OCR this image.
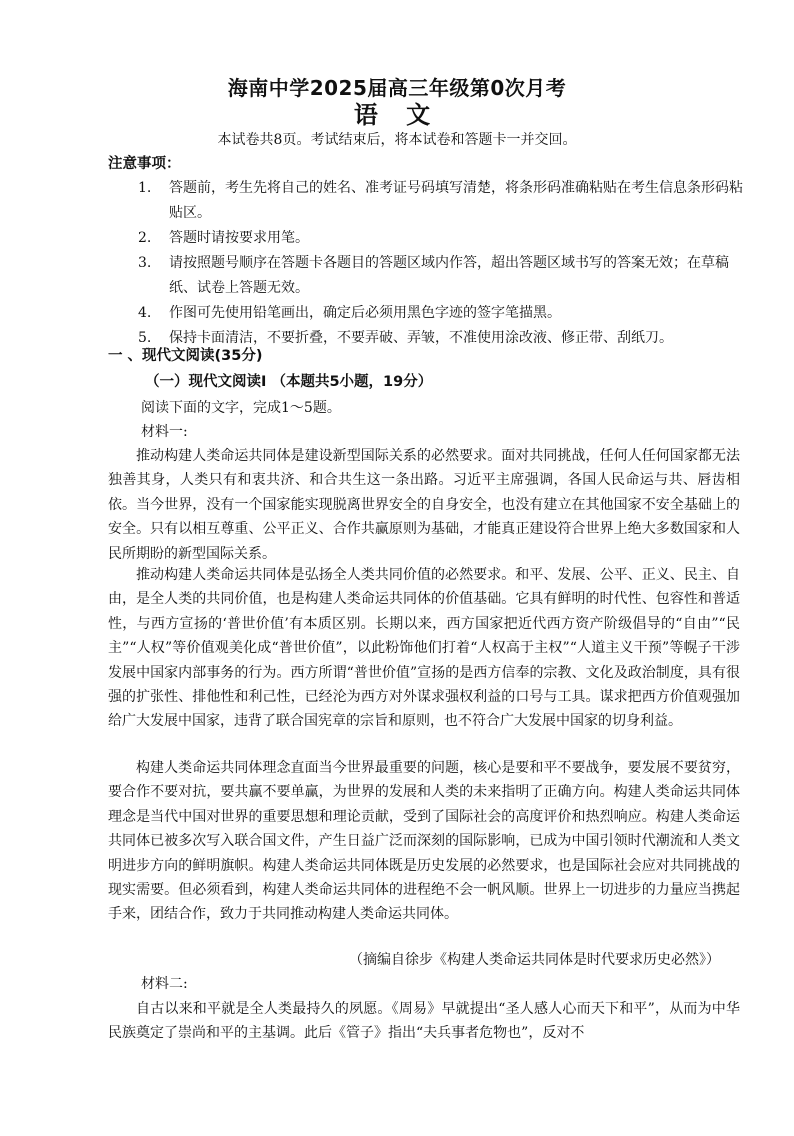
海南中学2025届高三年级第0次月考
语 文
本试卷共8页。考试结束后，将本试卷和答题卡一并交回。
注意事项：
1. 答题前，考生先将自己的姓名、准考证号码填写清楚，将条形码准确粘贴在考生信息条形码粘贴区。
2. 答题时请按要求用笔。
3. 请按照题号顺序在答题卡各题目的答题区域内作答，超出答题区域书写的答案无效；在草稿纸、试卷上答题无效。
4. 作图可先使用铅笔画出，确定后必须用黑色字迹的签字笔描黑。
5. 保持卡面清洁，不要折叠，不要弄破、弄皱，不准使用涂改液、修正带、刮纸刀。
一 、现代文阅读(35分)
（一）现代文阅读I （本题共5小题，19分）
阅读下面的文字，完成1～5题。
材料一:

推动构建人类命运共同体是建设新型国际关系的必然要求。面对共同挑战，任何人任何国家都无法独善其身，人类只有和衷共济、和合共生这一条出路。习近平主席强调，各国人民命运与共、唇齿相依。当今世界，没有一个国家能实现脱离世界安全的自身安全，也没有建立在其他国家不安全基础上的安全。只有以相互尊重、公平正义、合作共赢原则为基础，才能真正建设符合世界上绝大多数国家和人民所期盼的新型国际关系。

推动构建人类命运共同体是弘扬全人类共同价值的必然要求。和平、发展、公平、正义、民主、自由，是全人类的共同价值，也是构建人类命运共同体的价值基础。它具有鲜明的时代性、包容性和普适性，与西方宣扬的‘普世价值’有本质区别。长期以来，西方国家把近代西方资产阶级倡导的“自由”“民主”“人权”等价值观美化成“普世价值”，以此粉饰他们打着“人权高于主权”“人道主义干预”等幌子干涉发展中国家内部事务的行为。西方所谓“普世价值”宣扬的是西方信奉的宗教、文化及政治制度，具有很强的扩张性、排他性和利己性，已经沦为西方对外谋求强权利益的口号与工具。谋求把西方价值观强加给广大发展中国家，违背了联合国宪章的宗旨和原则，也不符合广大发展中国家的切身利益。

构建人类命运共同体理念直面当今世界最重要的问题，核心是要和平不要战争，要发展不要贫穷，要合作不要对抗，要共赢不要单赢，为世界的发展和人类的未来指明了正确方向。构建人类命运共同体理念是当代中国对世界的重要思想和理论贡献，受到了国际社会的高度评价和热烈响应。构建人类命运共同体已被多次写入联合国文件，产生日益广泛而深刻的国际影响，已成为中国引领时代潮流和人类文明进步方向的鲜明旗帜。构建人类命运共同体既是历史发展的必然要求，也是国际社会应对共同挑战的现实需要。但必须看到，构建人类命运共同体的进程绝不会一帆风顺。世界上一切进步的力量应当携起手来，团结合作，致力于共同推动构建人类命运共同体。

（摘编自徐步《构建人类命运共同体是时代要求历史必然》）
材料二:

自古以来和平就是全人类最持久的夙愿。《周易》早就提出“圣人感人心而天下和平”，从而为中华民族奠定了崇尚和平的主基调。此后《管子》指出“夫兵事者危物也”，反对不
